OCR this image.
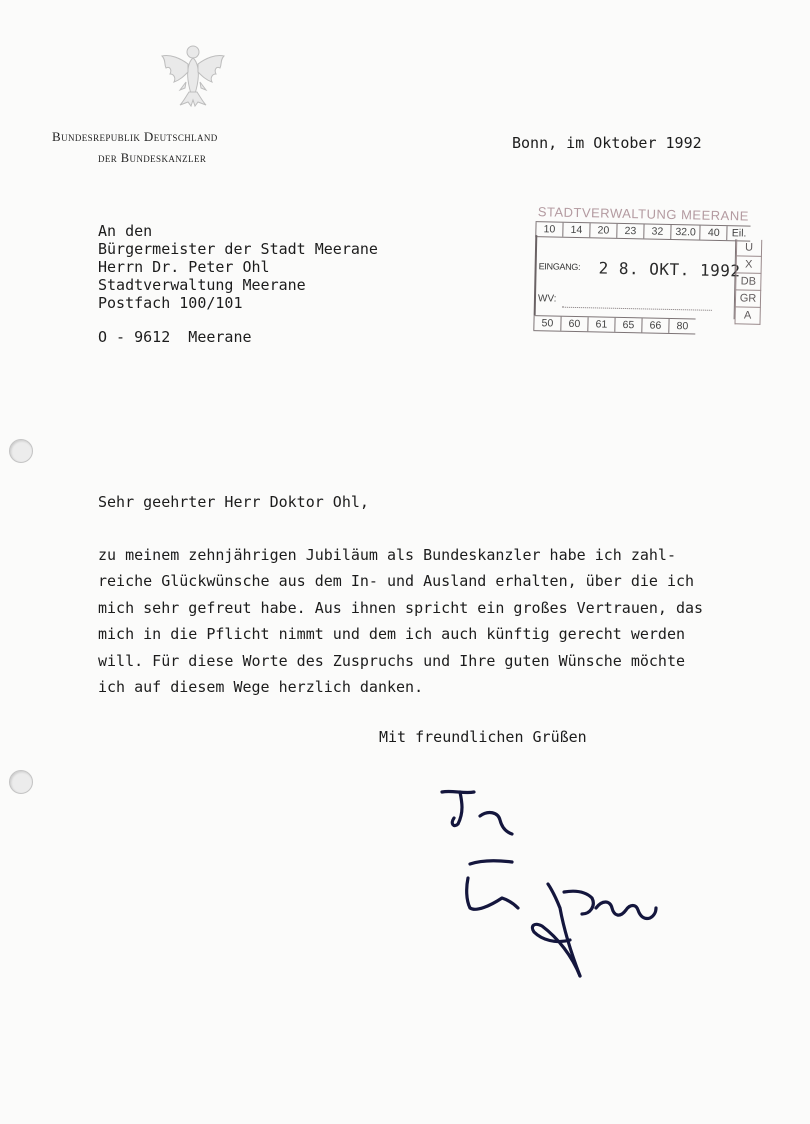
Bundesrepublik Deutschland
der Bundeskanzler
Bonn, im Oktober 1992
An den
Bürgermeister der Stadt Meerane
Herrn Dr. Peter Ohl
Stadtverwaltung Meerane
Postfach 100/101
O - 9612  Meerane
STADTVERWALTUNG MEERANE
10	14	20	23	32	32.0	40	Eil.
EINGANG: 2 8. OKT. 1992
WV:
U
X
DB
GR
A
50	60	61	65	66	80
Sehr geehrter Herr Doktor Ohl,
zu meinem zehnjährigen Jubiläum als Bundeskanzler habe ich zahl-
reiche Glückwünsche aus dem In- und Ausland erhalten, über die ich
mich sehr gefreut habe. Aus ihnen spricht ein großes Vertrauen, das
mich in die Pflicht nimmt und dem ich auch künftig gerecht werden
will. Für diese Worte des Zuspruchs und Ihre guten Wünsche möchte
ich auf diesem Wege herzlich danken.
Mit freundlichen Grüßen
